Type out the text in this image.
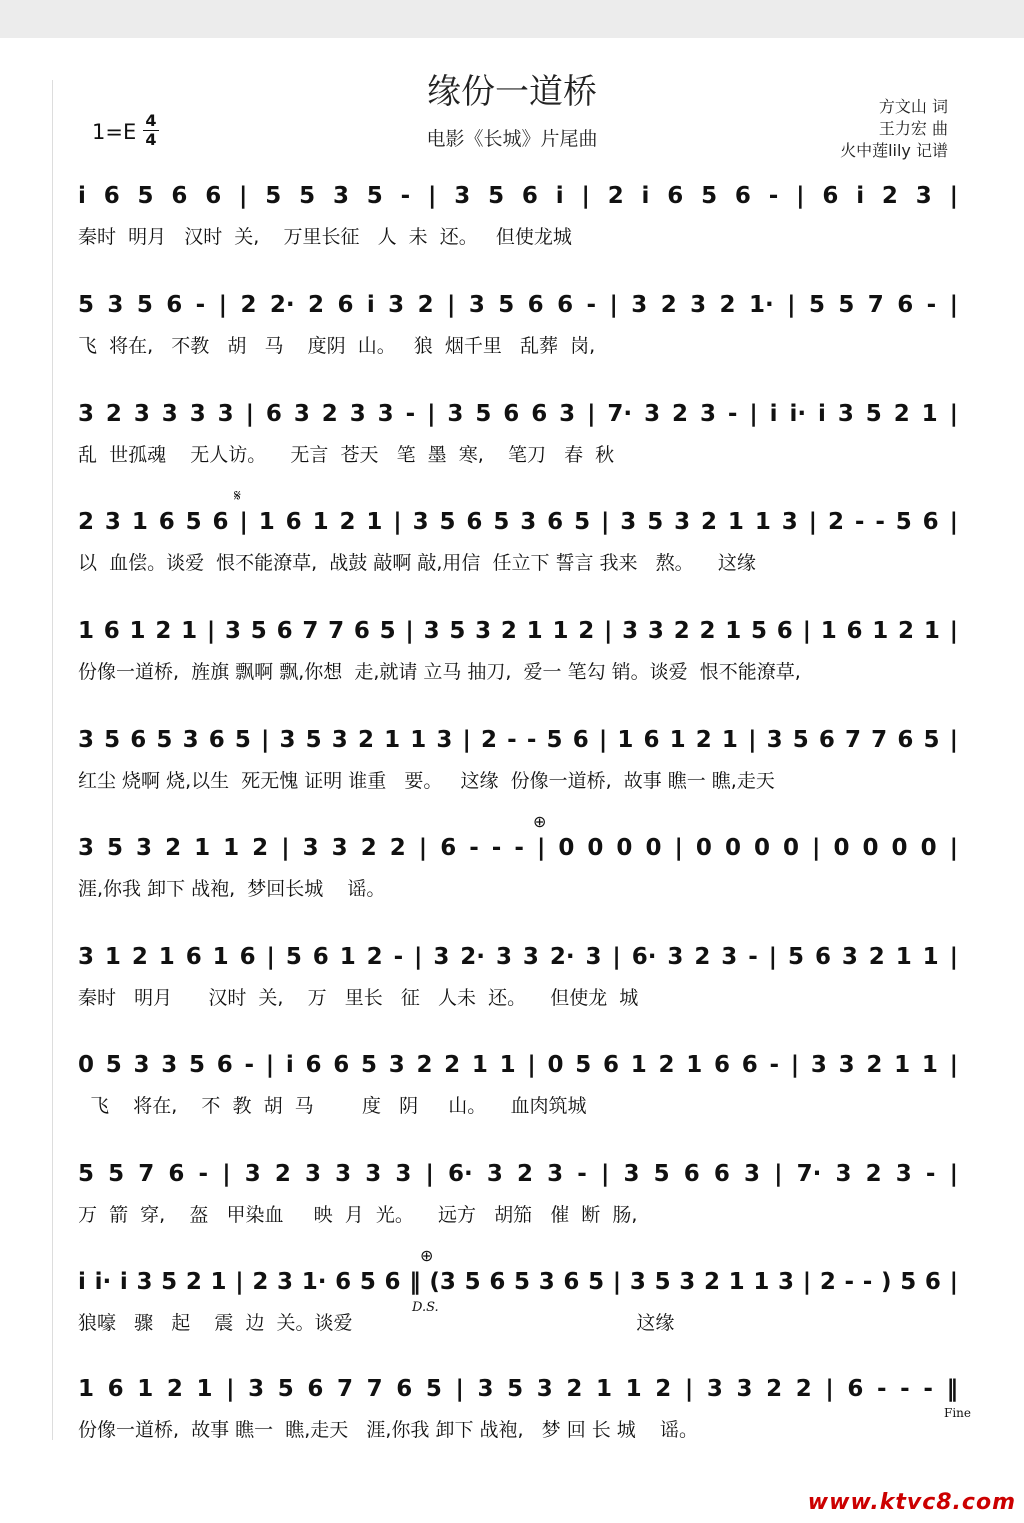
缘份一道桥
电影《长城》片尾曲
方文山 词
王力宏 曲
火中莲lily 记谱
1=E 4
4
i 6 5 6 6 | 5 5 3 5 - | 3 5 6 i | 2 i 6 5 6 - | 6 i 2 3 |
秦时  明月   汉时  关,    万里长征   人  未  还。   但使龙城
5 3 5 6 - | 2 2· 2 6 i 3 2 | 3 5 6 6 - | 3 2 3 2 1· | 5 5 7 6 - |
飞  将在,   不教   胡   马    度阴  山。   狼  烟千里   乱葬  岗,
3 2 3 3 3 3 | 6 3 2 3 3 - | 3 5 6 6 3 | 7· 3 2 3 - | i i· i 3 5 2 1 |
乱  世孤魂    无人访。    无言  苍天   笔  墨  寒,    笔刀   春  秋
2 3 1 6 5 6 | 1 6 1 2 1 | 3 5 6 5 3 6 5 | 3 5 3 2 1 1 3 | 2 - - 5 6 |
以  血偿。谈爱  恨不能潦草,  战鼓 敲啊 敲,用信  任立下 誓言 我来   熬。    这缘
1 6 1 2 1 | 3 5 6 7 7 6 5 | 3 5 3 2 1 1 2 | 3 3 2 2 1 5 6 | 1 6 1 2 1 |
份像一道桥,  旌旗 飘啊 飘,你想  走,就请 立马 抽刀,  爱一 笔勾 销。谈爱  恨不能潦草,
3 5 6 5 3 6 5 | 3 5 3 2 1 1 3 | 2 - - 5 6 | 1 6 1 2 1 | 3 5 6 7 7 6 5 |
红尘 烧啊 烧,以生  死无愧 证明 谁重   要。   这缘  份像一道桥,  故事 瞧一 瞧,走天
3 5 3 2 1 1 2 | 3 3 2 2 | 6 - - - | 0 0 0 0 | 0 0 0 0 | 0 0 0 0 |
涯,你我 卸下 战袍,  梦回长城    谣。
3 1 2 1 6 1 6 | 5 6 1 2 - | 3 2· 3 3 2· 3 | 6· 3 2 3 - | 5 6 3 2 1 1 |
秦时   明月      汉时  关,    万   里长   征   人未  还。    但使龙  城
0 5 3 3 5 6 - | i 6 6 5 3 2 2 1 1 | 0 5 6 1 2 1 6 6 - | 3 3 2 1 1 |
飞    将在,    不  教  胡  马        度   阴     山。    血肉筑城
5 5 7 6 - | 3 2 3 3 3 3 | 6· 3 2 3 - | 3 5 6 6 3 | 7· 3 2 3 - |
万  箭  穿,    盔   甲染血     映  月  光。    远方   胡笳   催  断  肠,
i i· i 3 5 2 1 | 2 3 1· 6 5 6 ‖ (3 5 6 5 3 6 5 | 3 5 3 2 1 1 3 | 2 - - ) 5 6 |
狼嚎   骤   起    震  边  关。谈爱                                               这缘
1 6 1 2 1 | 3 5 6 7 7 6 5 | 3 5 3 2 1 1 2 | 3 3 2 2 | 6 - - - ‖
份像一道桥,  故事 瞧一  瞧,走天   涯,你我 卸下 战袍,   梦 回 长 城    谣。
𝄋
⊕
⊕
D.S.
Fine
www.ktvc8.com
